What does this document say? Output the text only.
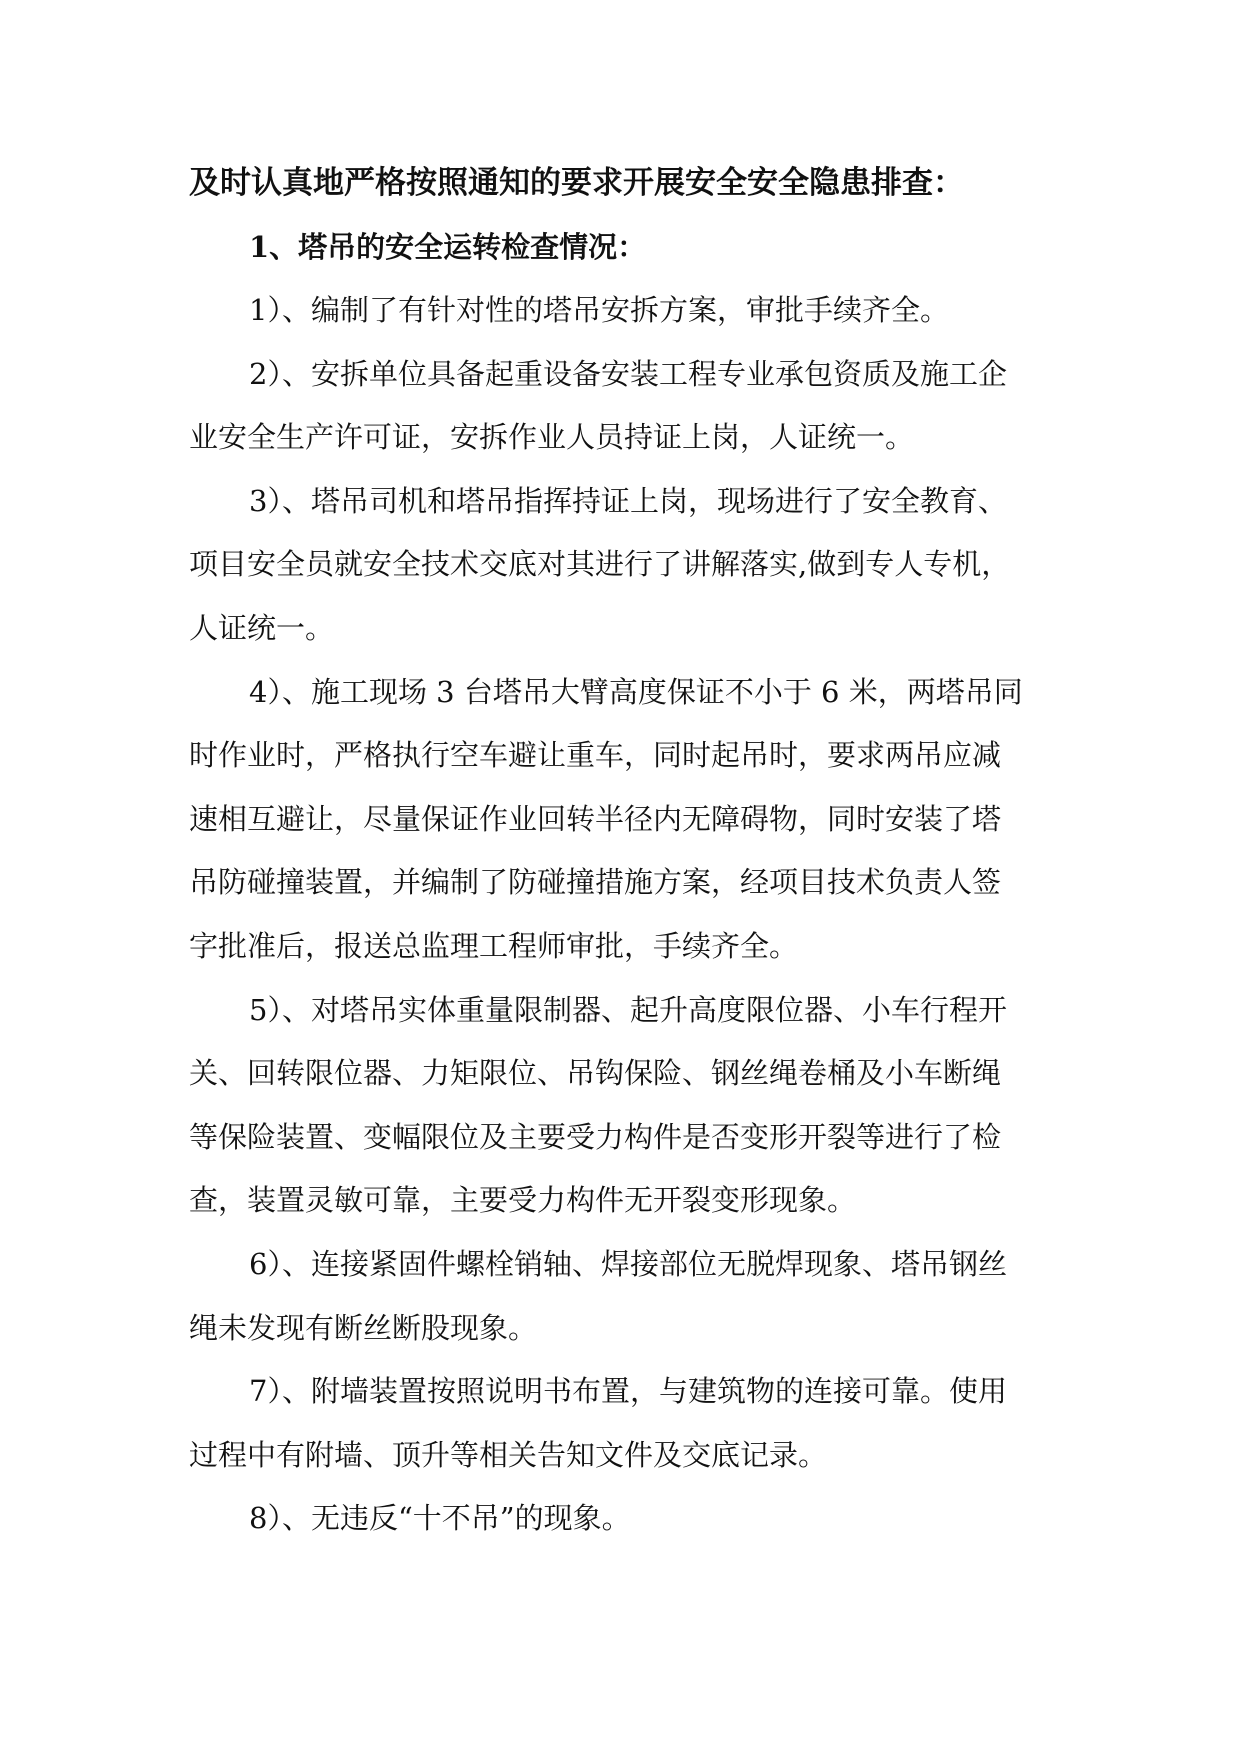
及时认真地严格按照通知的要求开展安全安全隐患排查：

1、塔吊的安全运转检查情况：

1）、编制了有针对性的塔吊安拆方案，审批手续齐全。

2）、安拆单位具备起重设备安装工程专业承包资质及施工企
业安全生产许可证，安拆作业人员持证上岗，人证统一。

3）、塔吊司机和塔吊指挥持证上岗，现场进行了安全教育、
项目安全员就安全技术交底对其进行了讲解落实,做到专人专机，
人证统一。

4）、施工现场 3 台塔吊大臂高度保证不小于 6 米，两塔吊同
时作业时，严格执行空车避让重车，同时起吊时，要求两吊应减
速相互避让，尽量保证作业回转半径内无障碍物，同时安装了塔
吊防碰撞装置，并编制了防碰撞措施方案，经项目技术负责人签
字批准后，报送总监理工程师审批，手续齐全。

5）、对塔吊实体重量限制器、起升高度限位器、小车行程开
关、回转限位器、力矩限位、吊钩保险、钢丝绳卷桶及小车断绳
等保险装置、变幅限位及主要受力构件是否变形开裂等进行了检
查，装置灵敏可靠，主要受力构件无开裂变形现象。

6）、连接紧固件螺栓销轴、焊接部位无脱焊现象、塔吊钢丝
绳未发现有断丝断股现象。

7）、附墙装置按照说明书布置，与建筑物的连接可靠。使用
过程中有附墙、顶升等相关告知文件及交底记录。

8）、无违反“十不吊”的现象。
